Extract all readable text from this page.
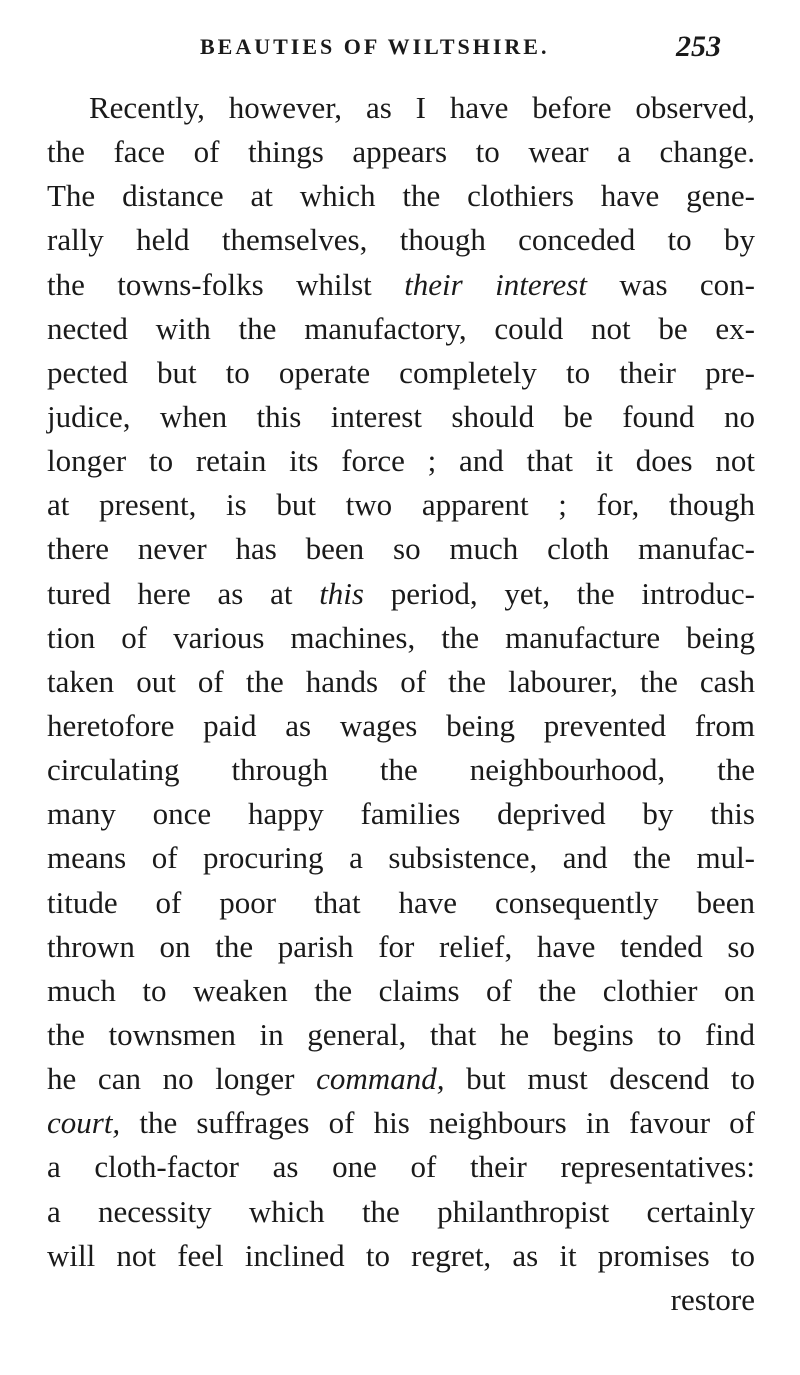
BEAUTIES OF WILTSHIRE.	253
Recently, however, as I have before observed,
the face of things appears to wear a change.
The distance at which the clothiers have gene-
rally held themselves, though conceded to by
the towns-folks whilst their interest was con-
nected with the manufactory, could not be ex-
pected but to operate completely to their pre-
judice, when this interest should be found no
longer to retain its force ; and that it does not
at present, is but two apparent ; for, though
there never has been so much cloth manufac-
tured here as at this period, yet, the introduc-
tion of various machines, the manufacture being
taken out of the hands of the labourer, the cash
heretofore paid as wages being prevented from
circulating through the neighbourhood, the
many once happy families deprived by this
means of procuring a subsistence, and the mul-
titude of poor that have consequently been
thrown on the parish for relief, have tended so
much to weaken the claims of the clothier on
the townsmen in general, that he begins to find
he can no longer command, but must descend to
court, the suffrages of his neighbours in favour of
a cloth-factor as one of their representatives:
a necessity which the philanthropist certainly
will not feel inclined to regret, as it promises to
restore
